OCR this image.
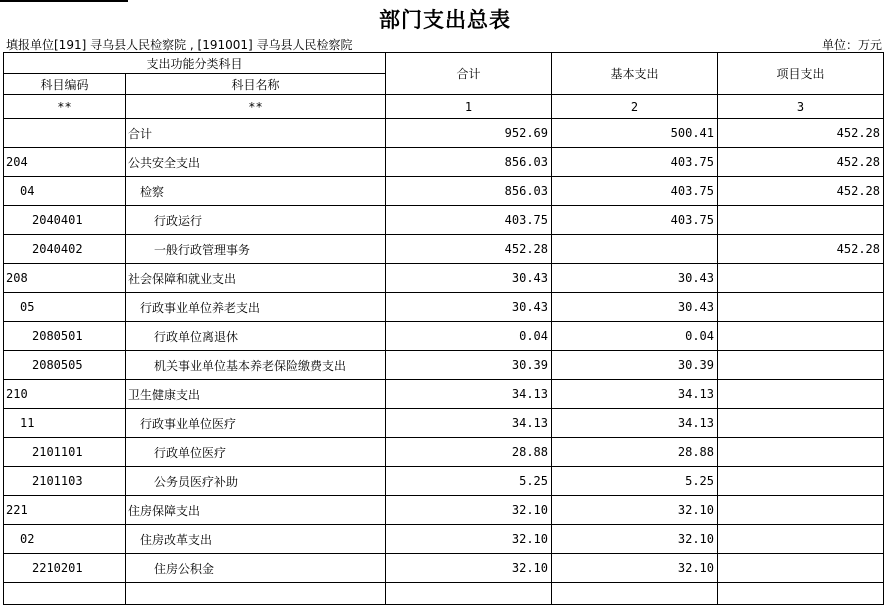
部门支出总表
填报单位[191] 寻乌县人民检察院 , [191001] 寻乌县人民检察院	单位：万元
支出功能分类科目		合计	基本支出	项目支出
科目编码	科目名称			
**	**	1	2	3
	合计	952.69	500.41	452.28
204	公共安全支出	856.03	403.75	452.28
04	检察	856.03	403.75	452.28
2040401	行政运行	403.75	403.75	
2040402	一般行政管理事务	452.28		452.28
208	社会保障和就业支出	30.43	30.43	
05	行政事业单位养老支出	30.43	30.43	
2080501	行政单位离退休	0.04	0.04	
2080505	机关事业单位基本养老保险缴费支出	30.39	30.39	
210	卫生健康支出	34.13	34.13	
11	行政事业单位医疗	34.13	34.13	
2101101	行政单位医疗	28.88	28.88	
2101103	公务员医疗补助	5.25	5.25	
221	住房保障支出	32.10	32.10	
02	住房改革支出	32.10	32.10	
2210201	住房公积金	32.10	32.10	
